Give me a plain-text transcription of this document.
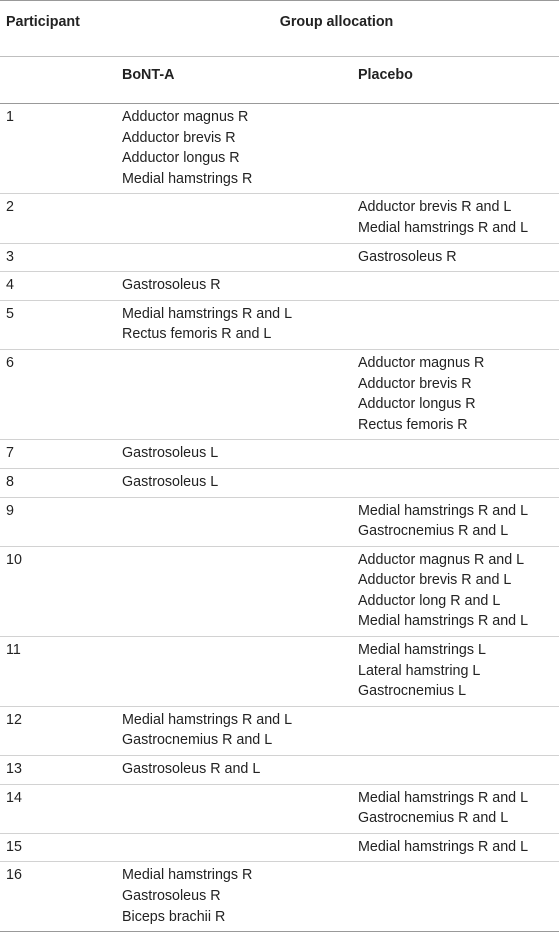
Participant	Group allocation	
	BoNT-A	Placebo
1	Adductor magnus R
Adductor brevis R
Adductor longus R
Medial hamstrings R	

2		Adductor brevis R and L
Medial hamstrings R and L

3		Gastrosoleus R

4	Gastrosoleus R	

5	Medial hamstrings R and L
Rectus femoris R and L	

6		Adductor magnus R
Adductor brevis R
Adductor longus R
Rectus femoris R

7	Gastrosoleus L	

8	Gastrosoleus L	

9		Medial hamstrings R and L
Gastrocnemius R and L

10		Adductor magnus R and L
Adductor brevis R and L
Adductor long R and L
Medial hamstrings R and L

11		Medial hamstrings L
Lateral hamstring L
Gastrocnemius L

12	Medial hamstrings R and L
Gastrocnemius R and L	

13	Gastrosoleus R and L	

14		Medial hamstrings R and L
Gastrocnemius R and L

15		Medial hamstrings R and L

16	Medial hamstrings R
Gastrosoleus R
Biceps brachii R	
